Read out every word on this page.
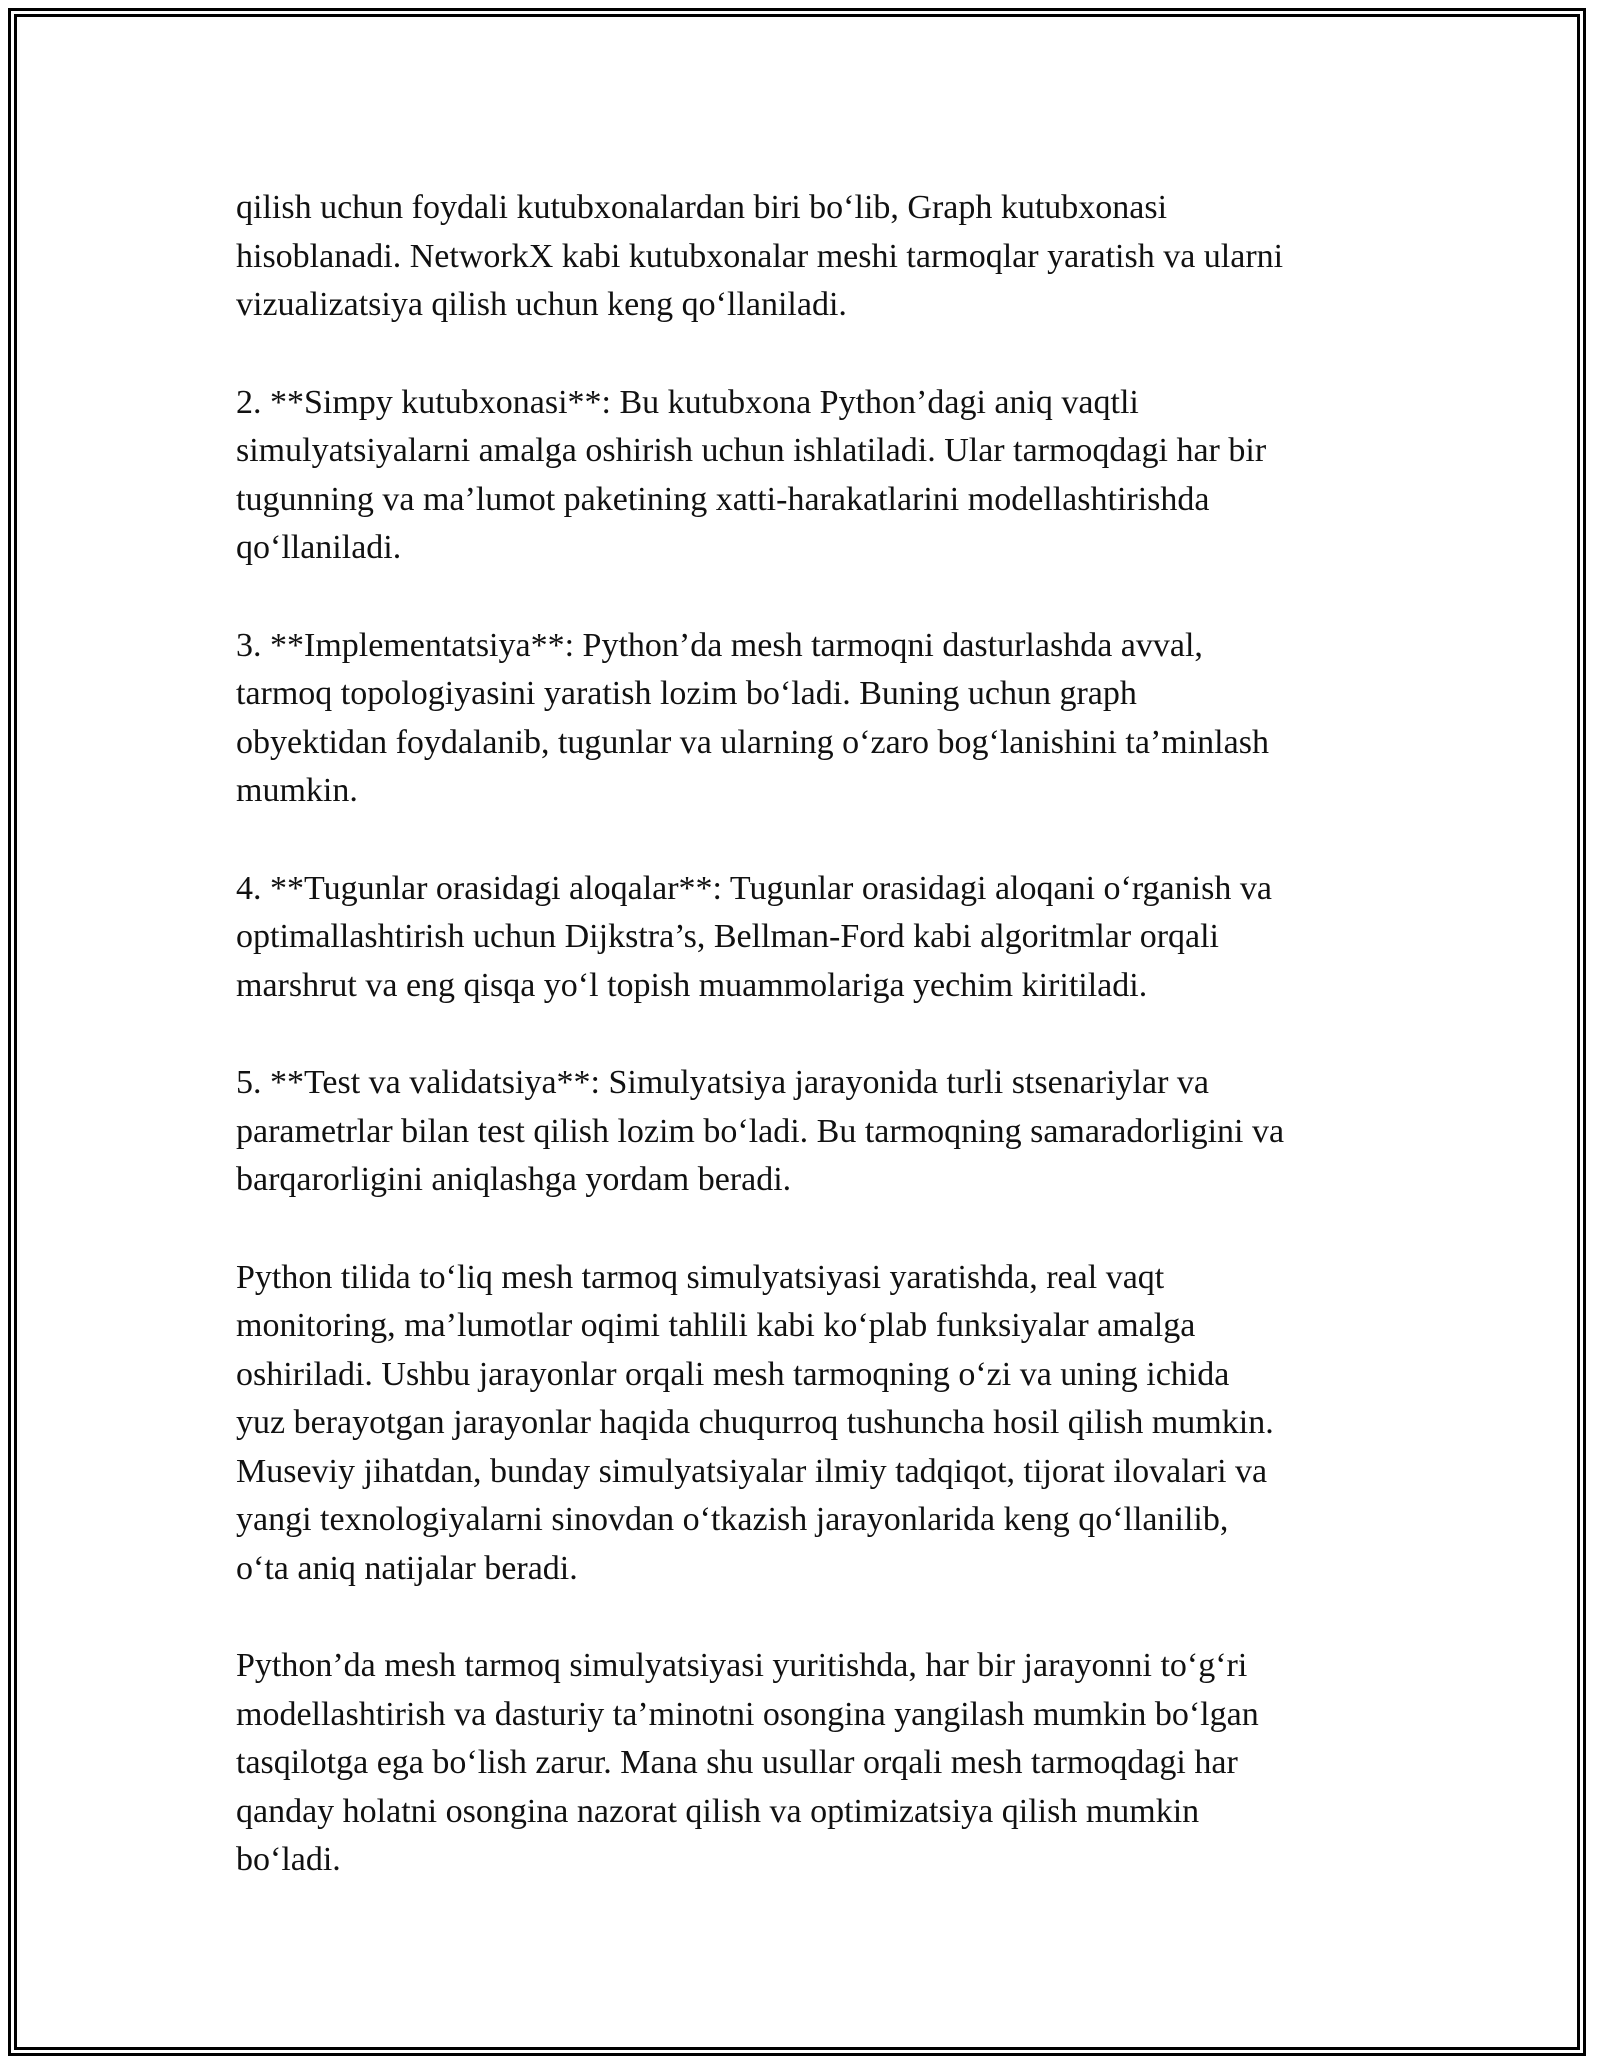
qilish uchun foydali kutubxonalardan biri bo‘lib, Graph kutubxonasi
hisoblanadi. NetworkX kabi kutubxonalar meshi tarmoqlar yaratish va ularni
vizualizatsiya qilish uchun keng qo‘llaniladi.

2. **Simpy kutubxonasi**: Bu kutubxona Python’dagi aniq vaqtli
simulyatsiyalarni amalga oshirish uchun ishlatiladi. Ular tarmoqdagi har bir
tugunning va ma’lumot paketining xatti-harakatlarini modellashtirishda
qo‘llaniladi.

3. **Implementatsiya**: Python’da mesh tarmoqni dasturlashda avval,
tarmoq topologiyasini yaratish lozim bo‘ladi. Buning uchun graph
obyektidan foydalanib, tugunlar va ularning o‘zaro bog‘lanishini ta’minlash
mumkin.

4. **Tugunlar orasidagi aloqalar**: Tugunlar orasidagi aloqani o‘rganish va
optimallashtirish uchun Dijkstra’s, Bellman-Ford kabi algoritmlar orqali
marshrut va eng qisqa yo‘l topish muammolariga yechim kiritiladi.

5. **Test va validatsiya**: Simulyatsiya jarayonida turli stsenariylar va
parametrlar bilan test qilish lozim bo‘ladi. Bu tarmoqning samaradorligini va
barqarorligini aniqlashga yordam beradi.

Python tilida to‘liq mesh tarmoq simulyatsiyasi yaratishda, real vaqt
monitoring, ma’lumotlar oqimi tahlili kabi ko‘plab funksiyalar amalga
oshiriladi. Ushbu jarayonlar orqali mesh tarmoqning o‘zi va uning ichida
yuz berayotgan jarayonlar haqida chuqurroq tushuncha hosil qilish mumkin.
Museviy jihatdan, bunday simulyatsiyalar ilmiy tadqiqot, tijorat ilovalari va
yangi texnologiyalarni sinovdan o‘tkazish jarayonlarida keng qo‘llanilib,
o‘ta aniq natijalar beradi.

Python’da mesh tarmoq simulyatsiyasi yuritishda, har bir jarayonni to‘g‘ri
modellashtirish va dasturiy ta’minotni osongina yangilash mumkin bo‘lgan
tasqilotga ega bo‘lish zarur. Mana shu usullar orqali mesh tarmoqdagi har
qanday holatni osongina nazorat qilish va optimizatsiya qilish mumkin
bo‘ladi.
